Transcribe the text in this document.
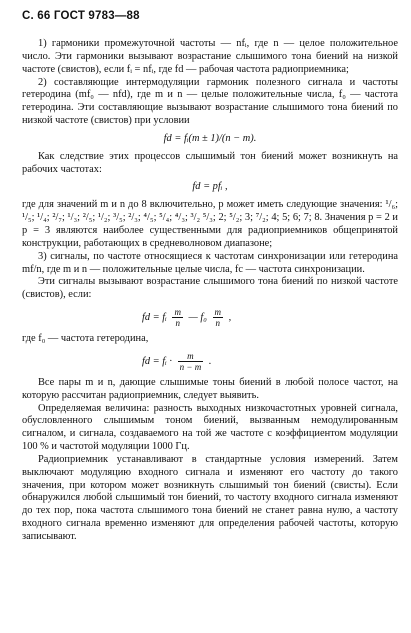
С. 66 ГОСТ 9783—88

1) гармоники промежуточной частоты — nfᵢ, где n — целое положительное число. Эти гармоники вызывают возрастание слышимого тона биений на низкой частоте (свистов), если fᵢ = nfᵢ, где fd — рабочая частота радиоприемника;

2) составляющие интермодуляции гармоник полезного сигнала и частоты гетеродина (mf₀ — nfd), где m и n — целые положительные числа, f₀ — частота гетеродина. Эти составляющие вызывают возрастание слышимого тона биений по низкой частоте (свистов) при условии

fd = fᵢ(m ± 1)/(n − m).

Как следствие этих процессов слышимый тон биений может возникнуть на рабочих частотах:

fd = pfᵢ ,

где для значений m и n до 8 включительно, p может иметь следующие значения: ¹/₆; ¹/₅; ¹/₄; ²/₇; ¹/₃; ²/₅; ¹/₂; ³/₅; ²/₃; ⁴/₅; ⁵/₄; ⁴/₃; ³/₂ ⁵/₃; 2; ⁵/₂; 3; ⁷/₂; 4; 5; 6; 7; 8. Значения p = 2 и p = 3 являются наиболее существенными для радиоприемников общепринятой конструкции, работающих в средневолновом диапазоне;

3) сигналы, по частоте относящиеся к частотам синхронизации или гетеродина mf/n, где m и n — положительные целые числа, fc — частота синхронизации.

Эти сигналы вызывают возрастание слышимого тона биений по низкой частоте (свистов), если:

fd = fᵢ $\frac{m}{n}$ — $f_0 \frac{m}{n}$ ,

где f₀ — частота гетеродина,

fd = fᵢ · $\frac{m}{n - m}$ .

Все пары m и n, дающие слышимые тоны биений в любой полосе частот, на которую рассчитан радиоприемник, следует выявить.

Определяемая величина: разность выходных низкочастотных уровней сигнала, обусловленного слышимым тоном биений, вызванным немодулированным сигналом, и сигнала, создаваемого на той же частоте с коэффициентом модуляции 100 % и частотой модуляции 1000 Гц.

Радиоприемник устанавливают в стандартные условия измерений. Затем выключают модуляцию входного сигнала и изменяют его частоту до такого значения, при котором может возникнуть слышимый тон биений (свисты). Если обнаружился любой слышимый тон биений, то частоту входного сигнала изменяют до тех пор, пока частота слышимого тона биений не станет равна нулю, а частоту входного сигнала временно изменяют для определения рабочей частоты, которую записывают.
